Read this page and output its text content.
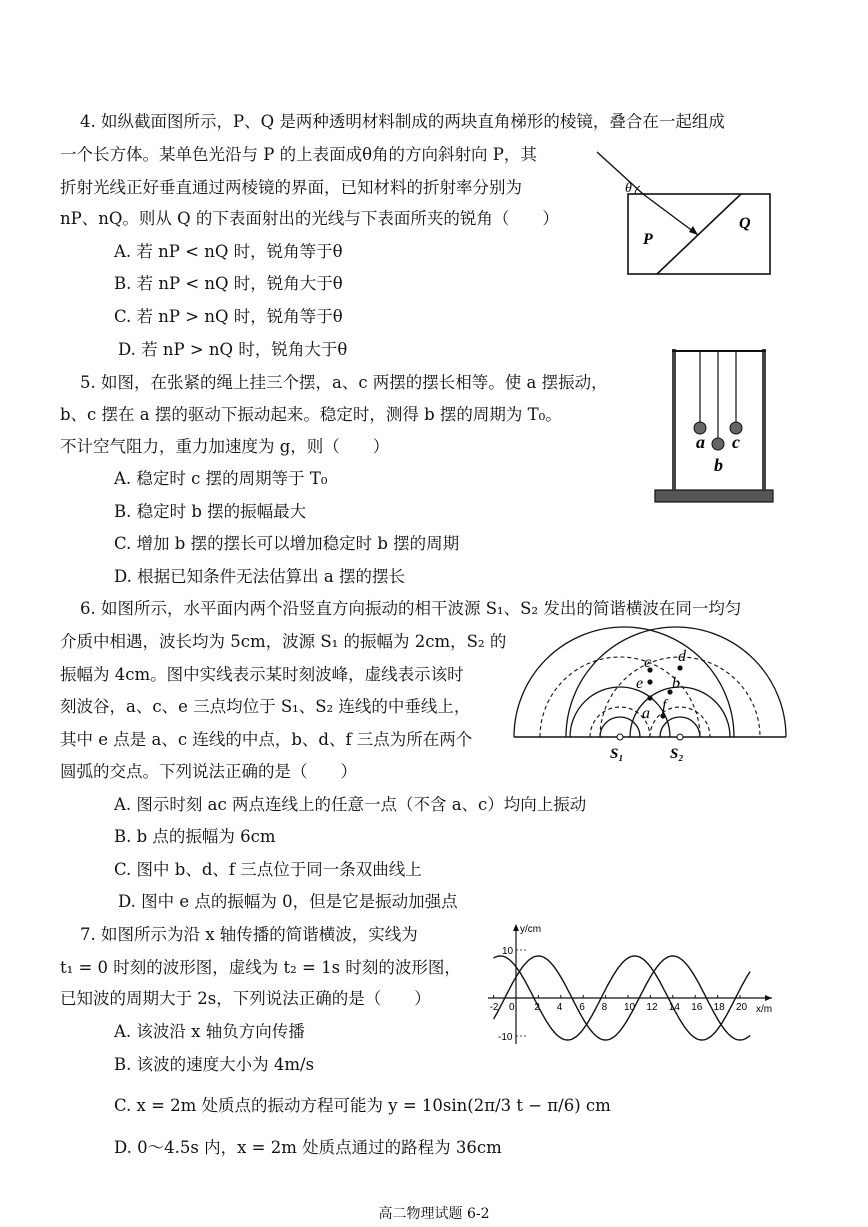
4. 如纵截面图所示，P、Q 是两种透明材料制成的两块直角梯形的棱镜，叠合在一起组成
一个长方体。某单色光沿与 P 的上表面成θ角的方向斜射向 P，其
折射光线正好垂直通过两棱镜的界面，已知材料的折射率分别为
nP、nQ。则从 Q 的下表面射出的光线与下表面所夹的锐角（　　）
A. 若 nP < nQ 时，锐角等于θ
B. 若 nP < nQ 时，锐角大于θ
C. 若 nP > nQ 时，锐角等于θ
D. 若 nP > nQ 时，锐角大于θ
θ
P
Q
5. 如图，在张紧的绳上挂三个摆，a、c 两摆的摆长相等。使 a 摆振动，
b、c 摆在 a 摆的驱动下振动起来。稳定时，测得 b 摆的周期为 T₀。
不计空气阻力，重力加速度为 g，则（　　）
A. 稳定时 c 摆的周期等于 T₀
B. 稳定时 b 摆的振幅最大
C. 增加 b 摆的摆长可以增加稳定时 b 摆的周期
D. 根据已知条件无法估算出 a 摆的摆长
a
b
c
6. 如图所示，水平面内两个沿竖直方向振动的相干波源 S₁、S₂ 发出的简谐横波在同一均匀
介质中相遇，波长均为 5cm，波源 S₁ 的振幅为 2cm，S₂ 的
振幅为 4cm。图中实线表示某时刻波峰，虚线表示该时
刻波谷，a、c、e 三点均位于 S₁、S₂ 连线的中垂线上，
其中 e 点是 a、c 连线的中点，b、d、f 三点为所在两个
圆弧的交点。下列说法正确的是（　　）
A. 图示时刻 ac 两点连线上的任意一点（不含 a、c）均向上振动
B. b 点的振幅为 6cm
C. 图中 b、d、f 三点位于同一条双曲线上
D. 图中 e 点的振幅为 0，但是它是振动加强点
S₁	S₂
a
b
c d
e
f
7. 如图所示为沿 x 轴传播的简谐横波，实线为
t₁ = 0 时刻的波形图，虚线为 t₂ = 1s 时刻的波形图，
已知波的周期大于 2s，下列说法正确的是（　　）
A. 该波沿 x 轴负方向传播
B. 该波的速度大小为 4m/s
C. x = 2m 处质点的振动方程可能为 y = 10sin(2π/3 t − π/6) cm
D. 0～4.5s 内，x = 2m 处质点通过的路程为 36cm
y/cm
x/m
10
-10
0
-2	2 4 6 8 10 12 14 16 18 20
高二物理试题 6-2
